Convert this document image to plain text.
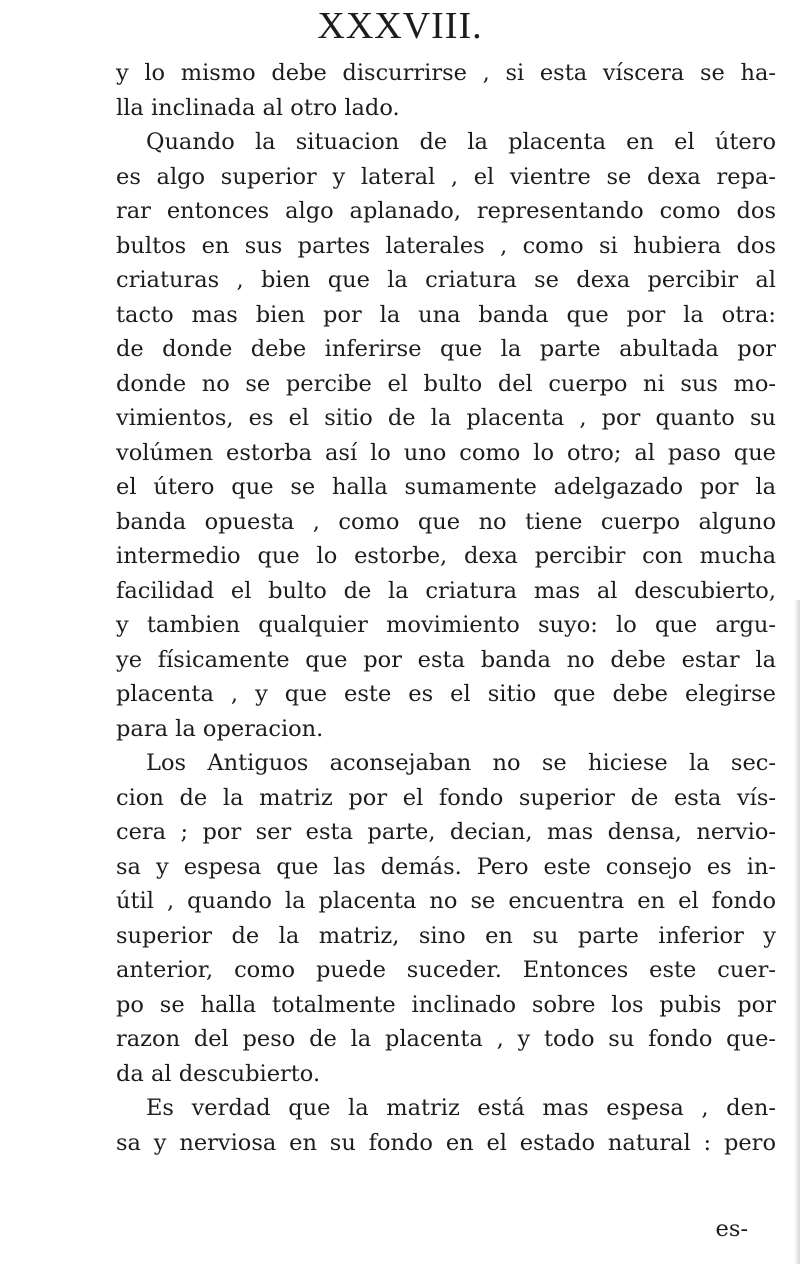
XXXVIII.
y lo mismo debe discurrirse , si esta víscera se ha-
lla inclinada al otro lado.
Quando la situacion de la placenta en el útero
es algo superior y lateral , el vientre se dexa repa-
rar entonces algo aplanado, representando como dos
bultos en sus partes laterales , como si hubiera dos
criaturas , bien que la criatura se dexa percibir al
tacto mas bien por la una banda que por la otra:
de donde debe inferirse que la parte abultada por
donde no se percibe el bulto del cuerpo ni sus mo-
vimientos, es el sitio de la placenta , por quanto su
volúmen estorba así lo uno como lo otro; al paso que
el útero que se halla sumamente adelgazado por la
banda opuesta , como que no tiene cuerpo alguno
intermedio que lo estorbe, dexa percibir con mucha
facilidad el bulto de la criatura mas al descubierto,
y tambien qualquier movimiento suyo: lo que argu-
ye físicamente que por esta banda no debe estar la
placenta , y que este es el sitio que debe elegirse
para la operacion.
Los Antiguos aconsejaban no se hiciese la sec-
cion de la matriz por el fondo superior de esta vís-
cera ; por ser esta parte, decian, mas densa, nervio-
sa y espesa que las demás. Pero este consejo es in-
útil , quando la placenta no se encuentra en el fondo
superior de la matriz, sino en su parte inferior y
anterior, como puede suceder. Entonces este cuer-
po se halla totalmente inclinado sobre los pubis por
razon del peso de la placenta , y todo su fondo que-
da al descubierto.
Es verdad que la matriz está mas espesa , den-
sa y nerviosa en su fondo en el estado natural : pero
es-
